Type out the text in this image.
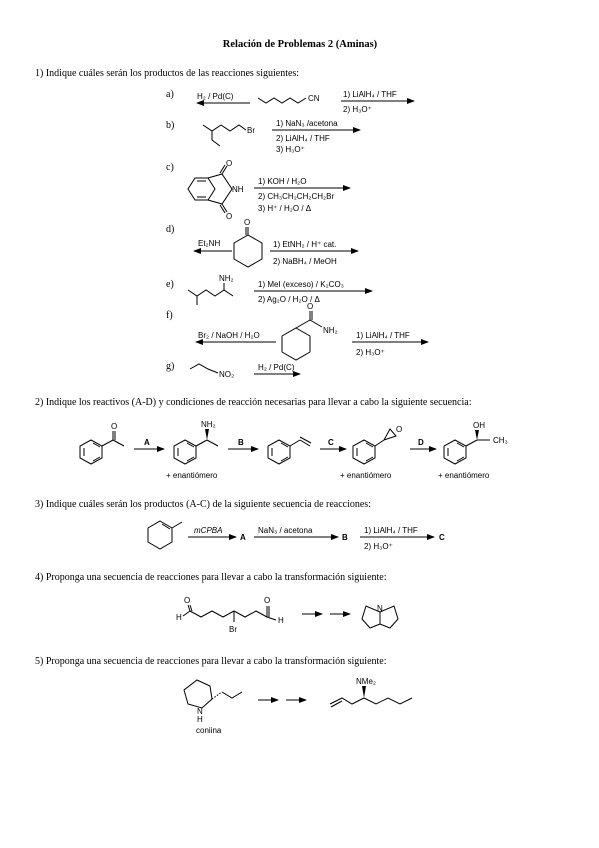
Relación de Problemas 2 (Aminas)
1) Indique cuáles serán los productos de las reacciones siguientes:
a)	H₂ / Pd(C)	CN	1) LiAlH₄ / THF
2) H₃O⁺
b)	Br
1) NaN₃ /acetona
2) LiAlH₄ / THF
3) H₃O⁺
c)	O
NH
O
1) KOH / H₂O
2) CH₃CH₂CH₂CH₂Br
3) H⁺ / H₂O / Δ
d)
Et₂NH
O
1) EtNH₂ / H⁺ cat.
2) NaBH₄ / MeOH
e)
NH₂
1) MeI (exceso) / K₂CO₃
2) Ag₂O / H₂O / Δ
f)
Br₂ / NaOH / H₂O
O
NH₂
1) LiAlH₄ / THF
2) H₃O⁺
g)
NO₂
H₂ / Pd(C)
2) Indique los reactivos (A-D) y condiciones de reacción necesarias para llevar a cabo la siguiente secuencia:
O
A
NH₂
+ enantiómero
B	C
O
+ enantiómero
D
OH
CH₃
+ enantiómero
3) Indique cuáles serán los productos (A-C) de la siguiente secuencia de reacciones:
mCPBA
A
NaN₃ / acetona
B
1) LiAlH₄ / THF
2) H₃O⁺
C
4) Proponga una secuencia de reacciones para llevar a cabo la transformación siguiente:
H
O
Br
O
H
N
5) Proponga una secuencia de reacciones para llevar a cabo la transformación siguiente:
N
H
coniina
NMe₂
